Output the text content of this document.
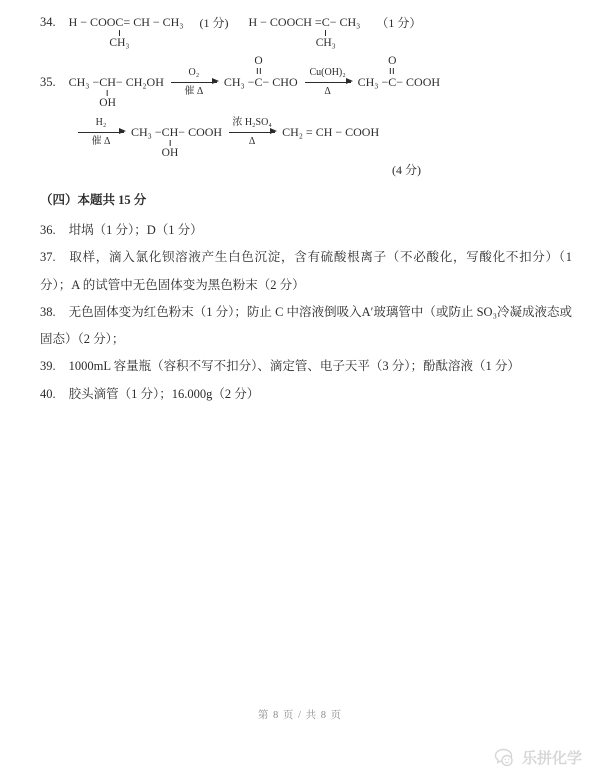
34. H − COO C
CH₃
= CH − CH₃ (1 分) H − COOCH = C
CH₃
− CH₃ （1 分）
35. CH₃ − CH
OH
− CH₂OH
O₂
催 Δ
CH₃ −
O
C − CHO
Cu(OH)₂
Δ
CH₃ −
O
C − COOH
H₂
催 Δ
CH₃ − CH
OH
− COOH
浓 H₂SO₄
Δ
CH₂ = CH − COOH
(4 分)

（四）本题共 15 分

36. 坩埚（1 分）；D（1 分）

37. 取样，滴入氯化钡溶液产生白色沉淀，含有硫酸根离子（不必酸化，写酸化不扣分）（1 分）；A 的试管中无色固体变为黑色粉末（2 分）

38. 无色固体变为红色粉末（1 分）；防止 C 中溶液倒吸入A′玻璃管中（或防止 SO₃冷凝成液态或固态）（2 分）；

39. 1000mL 容量瓶（容积不写不扣分）、滴定管、电子天平（3 分）；酚酞溶液（1 分）

40. 胶头滴管（1 分）；16.000g（2 分）

第 8 页 / 共 8 页
乐拼化学
